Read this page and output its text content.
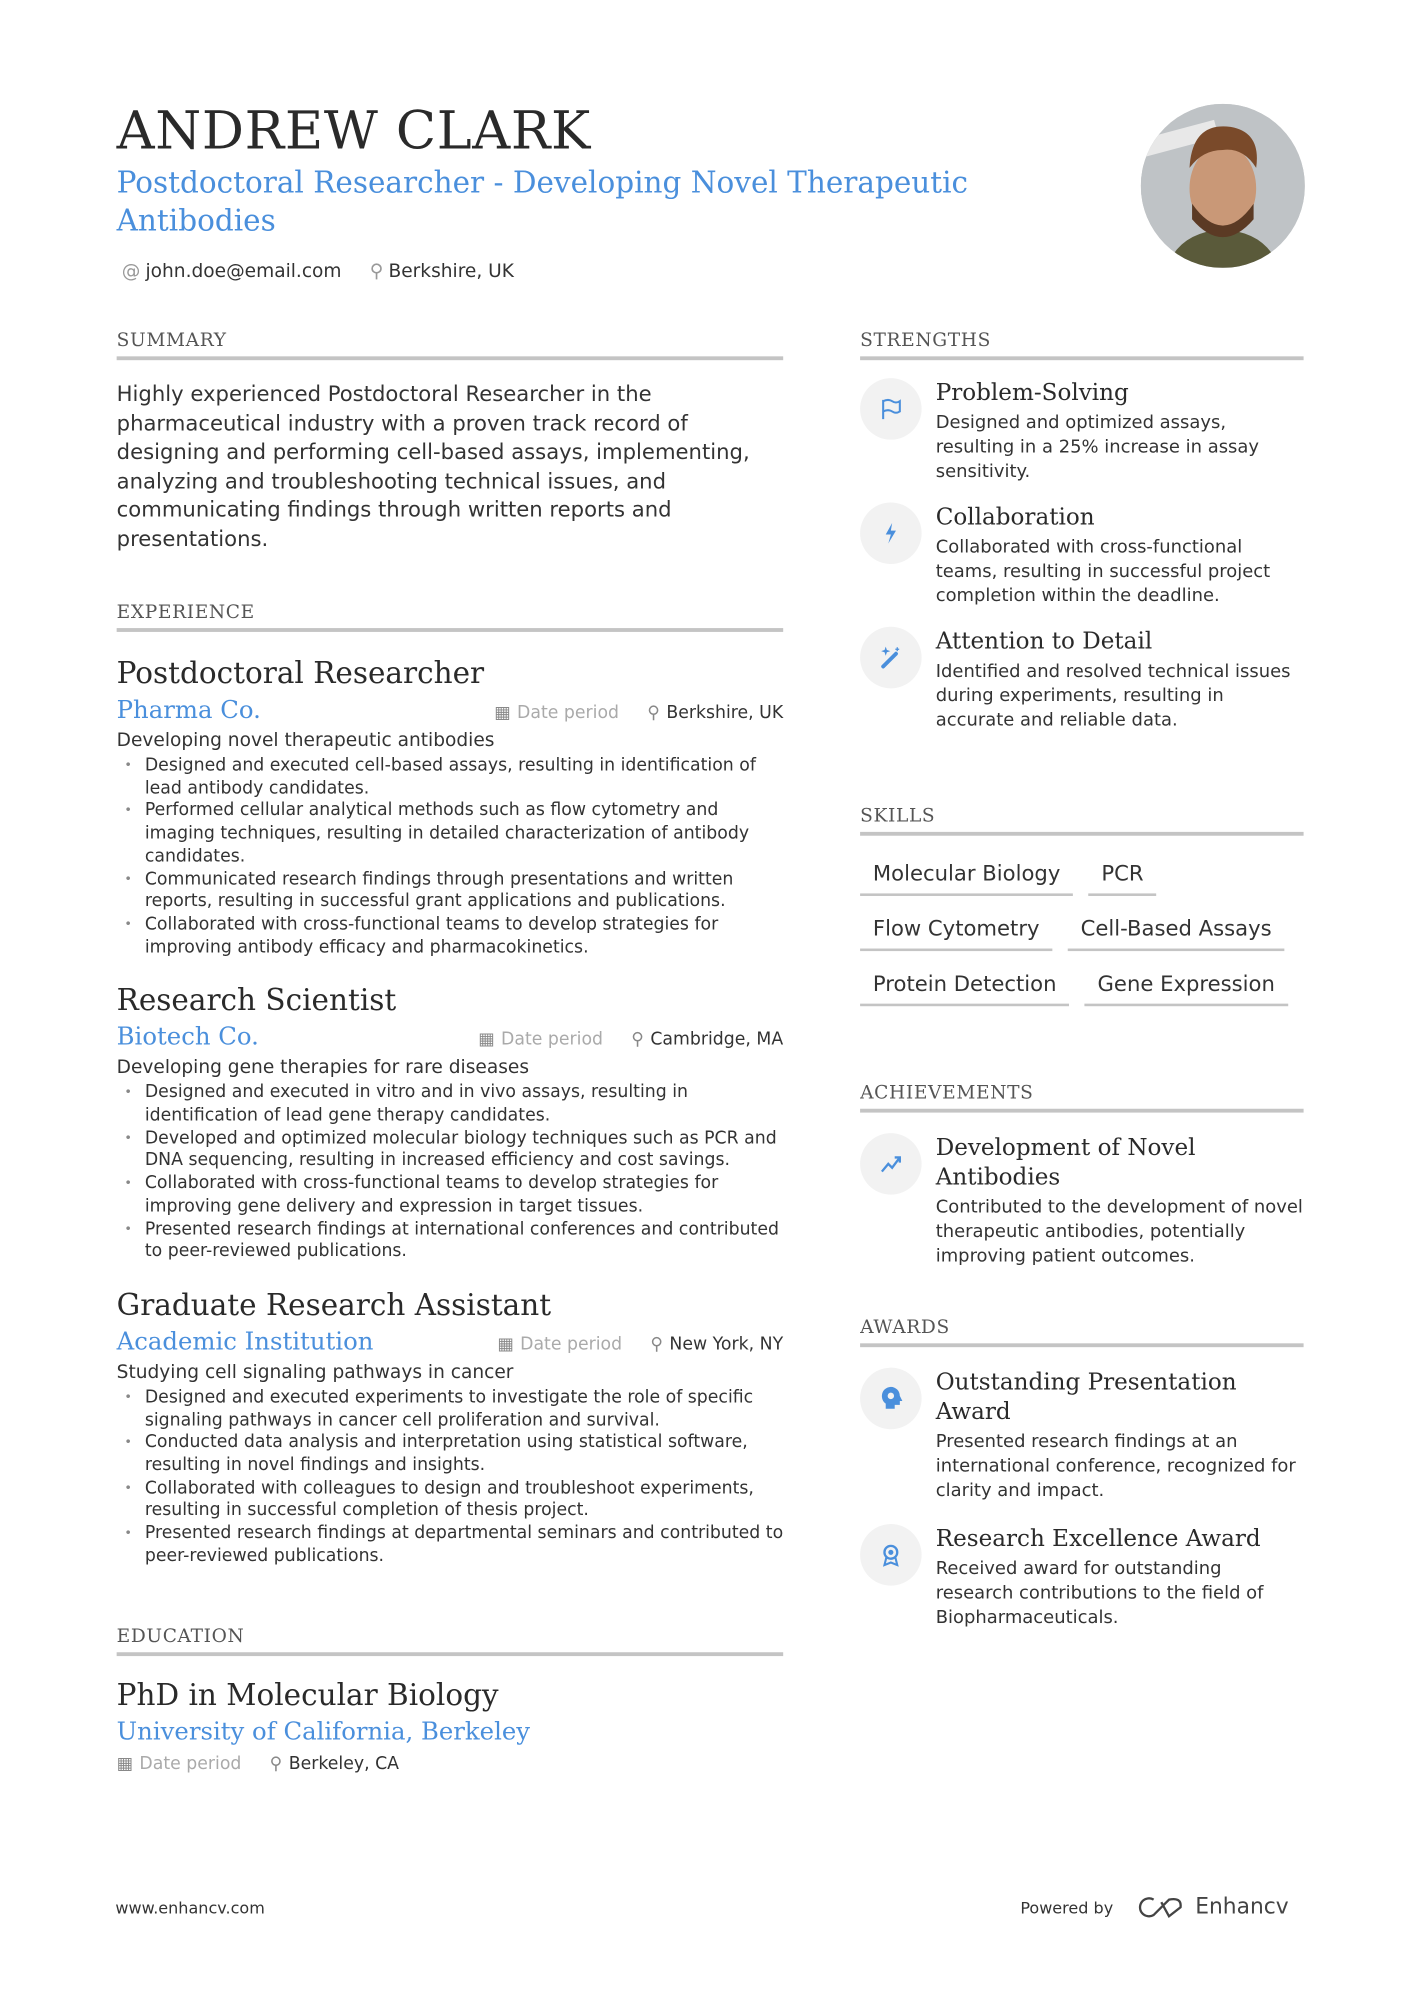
ANDREW CLARK
Postdoctoral Researcher - Developing Novel Therapeutic Antibodies
@ john.doe@email.com ⚲ Berkshire, UK
SUMMARY
Highly experienced Postdoctoral Researcher in the pharmaceutical industry with a proven track record of designing and performing cell-based assays, implementing, analyzing and troubleshooting technical issues, and communicating findings through written reports and presentations.
EXPERIENCE
Postdoctoral Researcher
Pharma Co.	▦ Date period ⚲ Berkshire, UK
Developing novel therapeutic antibodies
• Designed and executed cell-based assays, resulting in identification of lead antibody candidates.
• Performed cellular analytical methods such as flow cytometry and imaging techniques, resulting in detailed characterization of antibody candidates.
• Communicated research findings through presentations and written reports, resulting in successful grant applications and publications.
• Collaborated with cross-functional teams to develop strategies for improving antibody efficacy and pharmacokinetics.
Research Scientist
Biotech Co.	▦ Date period ⚲ Cambridge, MA
Developing gene therapies for rare diseases
• Designed and executed in vitro and in vivo assays, resulting in identification of lead gene therapy candidates.
• Developed and optimized molecular biology techniques such as PCR and DNA sequencing, resulting in increased efficiency and cost savings.
• Collaborated with cross-functional teams to develop strategies for improving gene delivery and expression in target tissues.
• Presented research findings at international conferences and contributed to peer-reviewed publications.
Graduate Research Assistant
Academic Institution	▦ Date period ⚲ New York, NY
Studying cell signaling pathways in cancer
• Designed and executed experiments to investigate the role of specific signaling pathways in cancer cell proliferation and survival.
• Conducted data analysis and interpretation using statistical software, resulting in novel findings and insights.
• Collaborated with colleagues to design and troubleshoot experiments, resulting in successful completion of thesis project.
• Presented research findings at departmental seminars and contributed to peer-reviewed publications.
EDUCATION
PhD in Molecular Biology
University of California, Berkeley
▦ Date period ⚲ Berkeley, CA
STRENGTHS
Problem-Solving
Designed and optimized assays, resulting in a 25% increase in assay sensitivity.
Collaboration
Collaborated with cross-functional teams, resulting in successful project completion within the deadline.
Attention to Detail
Identified and resolved technical issues during experiments, resulting in accurate and reliable data.
SKILLS
Molecular Biology	PCR
Flow Cytometry	Cell-Based Assays
Protein Detection	Gene Expression
ACHIEVEMENTS
Development of Novel Antibodies
Contributed to the development of novel therapeutic antibodies, potentially improving patient outcomes.
AWARDS
Outstanding Presentation Award
Presented research findings at an international conference, recognized for clarity and impact.
Research Excellence Award
Received award for outstanding research contributions to the field of Biopharmaceuticals.
www.enhancv.com	Powered by	Enhancv
